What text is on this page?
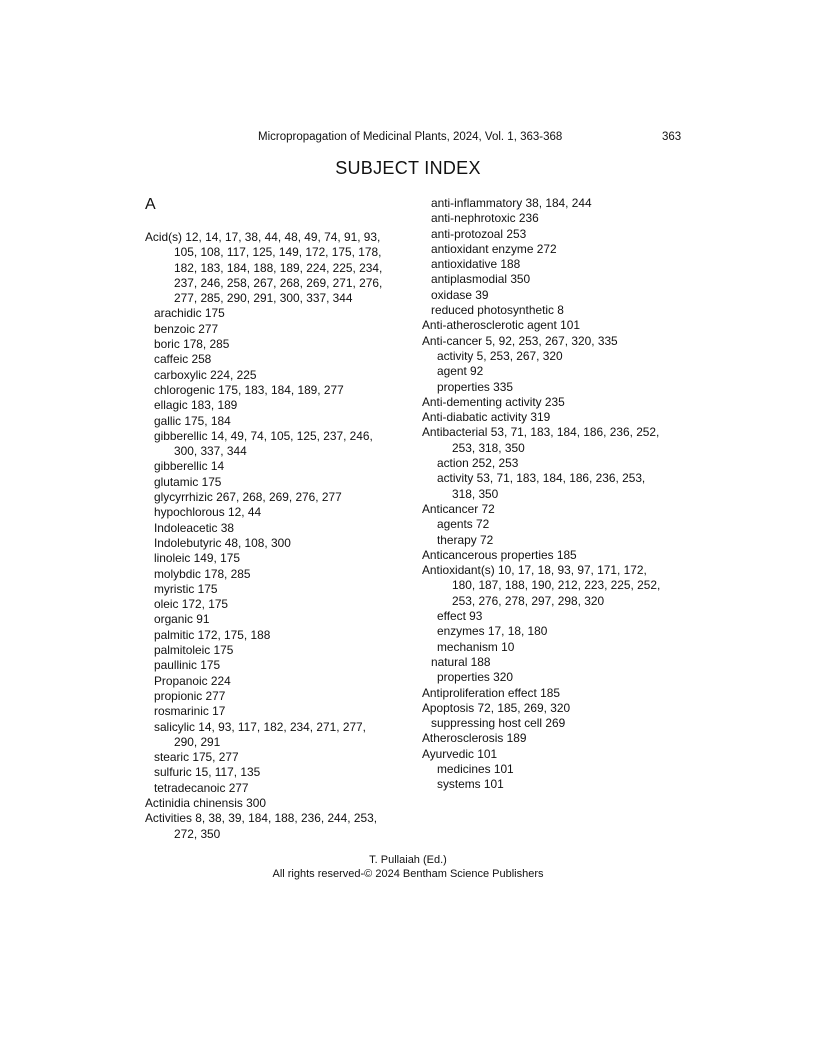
Micropropagation of Medicinal Plants, 2024, Vol. 1, 363-368	363
SUBJECT INDEX
A
Acid(s) 12, 14, 17, 38, 44, 48, 49, 74, 91, 93,
105, 108, 117, 125, 149, 172, 175, 178,
182, 183, 184, 188, 189, 224, 225, 234,
237, 246, 258, 267, 268, 269, 271, 276,
277, 285, 290, 291, 300, 337, 344
arachidic 175
benzoic 277
boric 178, 285
caffeic 258
carboxylic 224, 225
chlorogenic 175, 183, 184, 189, 277
ellagic 183, 189
gallic 175, 184
gibberellic 14, 49, 74, 105, 125, 237, 246,
300, 337, 344
gibberellic 14
glutamic 175
glycyrrhizic 267, 268, 269, 276, 277
hypochlorous 12, 44
Indoleacetic 38
Indolebutyric 48, 108, 300
linoleic 149, 175
molybdic 178, 285
myristic 175
oleic 172, 175
organic 91
palmitic 172, 175, 188
palmitoleic 175
paullinic 175
Propanoic 224
propionic 277
rosmarinic 17
salicylic 14, 93, 117, 182, 234, 271, 277,
290, 291
stearic 175, 277
sulfuric 15, 117, 135
tetradecanoic 277
Actinidia chinensis 300
Activities 8, 38, 39, 184, 188, 236, 244, 253,
272, 350
anti-inflammatory 38, 184, 244
anti-nephrotoxic 236
anti-protozoal 253
antioxidant enzyme 272
antioxidative 188
antiplasmodial 350
oxidase 39
reduced photosynthetic 8
Anti-atherosclerotic agent 101
Anti-cancer 5, 92, 253, 267, 320, 335
activity 5, 253, 267, 320
agent 92
properties 335
Anti-dementing activity 235
Anti-diabatic activity 319
Antibacterial 53, 71, 183, 184, 186, 236, 252,
253, 318, 350
action 252, 253
activity 53, 71, 183, 184, 186, 236, 253,
318, 350
Anticancer 72
agents 72
therapy 72
Anticancerous properties 185
Antioxidant(s) 10, 17, 18, 93, 97, 171, 172,
180, 187, 188, 190, 212, 223, 225, 252,
253, 276, 278, 297, 298, 320
effect 93
enzymes 17, 18, 180
mechanism 10
natural 188
properties 320
Antiproliferation effect 185
Apoptosis 72, 185, 269, 320
suppressing host cell 269
Atherosclerosis 189
Ayurvedic 101
medicines 101
systems 101
T. Pullaiah (Ed.)
All rights reserved-© 2024 Bentham Science Publishers
